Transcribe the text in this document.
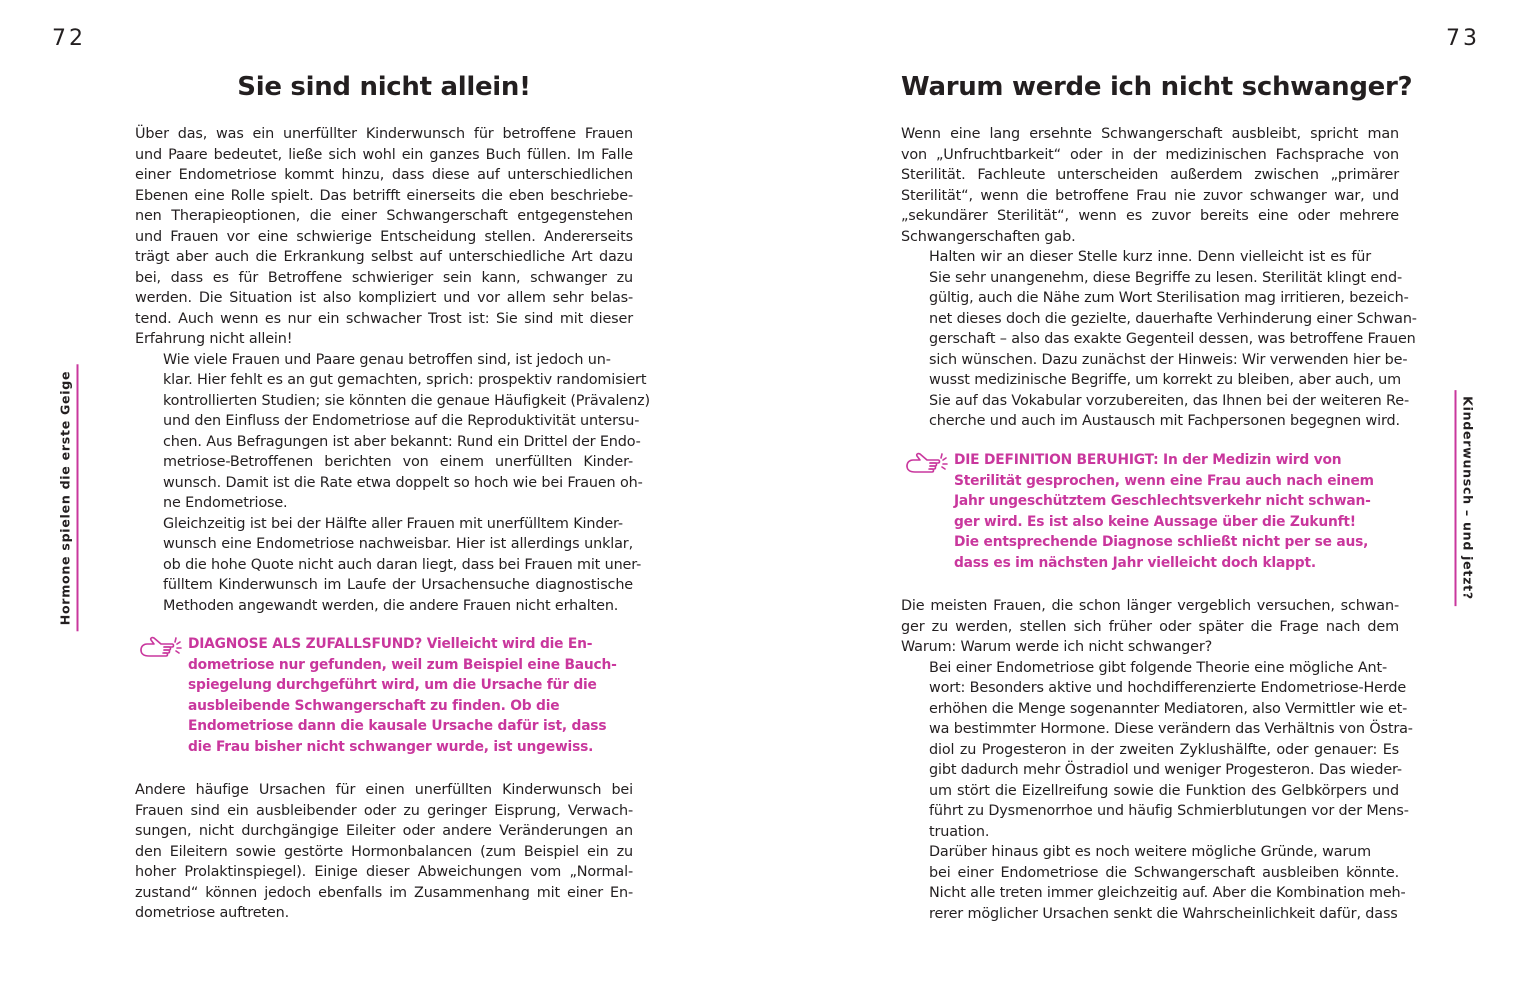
72
Sie sind nicht allein!

Über das, was ein unerfüllter Kinderwunsch für betroffene Frauen
und Paare bedeutet, ließe sich wohl ein ganzes Buch füllen. Im Falle
einer Endometriose kommt hinzu, dass diese auf unterschiedlichen
Ebenen eine Rolle spielt. Das betrifft einerseits die eben beschriebe-
nen Therapieoptionen, die einer Schwangerschaft entgegenstehen
und Frauen vor eine schwierige Entscheidung stellen. Andererseits
trägt aber auch die Erkrankung selbst auf unterschiedliche Art dazu
bei, dass es für Betroffene schwieriger sein kann, schwanger zu
werden. Die Situation ist also kompliziert und vor allem sehr belas-
tend. Auch wenn es nur ein schwacher Trost ist: Sie sind mit dieser
Erfahrung nicht allein!

Wie viele Frauen und Paare genau betroffen sind, ist jedoch un-
klar. Hier fehlt es an gut gemachten, sprich: prospektiv randomisiert
kontrollierten Studien; sie könnten die genaue Häufigkeit (Prävalenz)
und den Einfluss der Endometriose auf die Reproduktivität untersu-
chen. Aus Befragungen ist aber bekannt: Rund ein Drittel der Endo-
metriose-Betroffenen berichten von einem unerfüllten Kinder-
wunsch. Damit ist die Rate etwa doppelt so hoch wie bei Frauen oh-
ne Endometriose.

Gleichzeitig ist bei der Hälfte aller Frauen mit unerfülltem Kinder-
wunsch eine Endometriose nachweisbar. Hier ist allerdings unklar,
ob die hohe Quote nicht auch daran liegt, dass bei Frauen mit uner-
fülltem Kinderwunsch im Laufe der Ursachensuche diagnostische
Methoden angewandt werden, die andere Frauen nicht erhalten.

DIAGNOSE ALS ZUFALLSFUND? Vielleicht wird die En-
dometriose nur gefunden, weil zum Beispiel eine Bauch-
spiegelung durchgeführt wird, um die Ursache für die
ausbleibende Schwangerschaft zu finden. Ob die
Endometriose dann die kausale Ursache dafür ist, dass
die Frau bisher nicht schwanger wurde, ist ungewiss.

Andere häufige Ursachen für einen unerfüllten Kinderwunsch bei
Frauen sind ein ausbleibender oder zu geringer Eisprung, Verwach-
sungen, nicht durchgängige Eileiter oder andere Veränderungen an
den Eileitern sowie gestörte Hormonbalancen (zum Beispiel ein zu
hoher Prolaktinspiegel). Einige dieser Abweichungen vom „Normal-
zustand“ können jedoch ebenfalls im Zusammenhang mit einer En-
dometriose auftreten.

Hormone spielen die erste Geige
73
Warum werde ich nicht schwanger?

Wenn eine lang ersehnte Schwangerschaft ausbleibt, spricht man
von „Unfruchtbarkeit“ oder in der medizinischen Fachsprache von
Sterilität. Fachleute unterscheiden außerdem zwischen „primärer
Sterilität“, wenn die betroffene Frau nie zuvor schwanger war, und
„sekundärer Sterilität“, wenn es zuvor bereits eine oder mehrere
Schwangerschaften gab.

Halten wir an dieser Stelle kurz inne. Denn vielleicht ist es für
Sie sehr unangenehm, diese Begriffe zu lesen. Sterilität klingt end-
gültig, auch die Nähe zum Wort Sterilisation mag irritieren, bezeich-
net dieses doch die gezielte, dauerhafte Verhinderung einer Schwan-
gerschaft – also das exakte Gegenteil dessen, was betroffene Frauen
sich wünschen. Dazu zunächst der Hinweis: Wir verwenden hier be-
wusst medizinische Begriffe, um korrekt zu bleiben, aber auch, um
Sie auf das Vokabular vorzubereiten, das Ihnen bei der weiteren Re-
cherche und auch im Austausch mit Fachpersonen begegnen wird.

DIE DEFINITION BERUHIGT: In der Medizin wird von
Sterilität gesprochen, wenn eine Frau auch nach einem
Jahr ungeschütztem Geschlechtsverkehr nicht schwan-
ger wird. Es ist also keine Aussage über die Zukunft!
Die entsprechende Diagnose schließt nicht per se aus,
dass es im nächsten Jahr vielleicht doch klappt.

Die meisten Frauen, die schon länger vergeblich versuchen, schwan-
ger zu werden, stellen sich früher oder später die Frage nach dem
Warum: Warum werde ich nicht schwanger?

Bei einer Endometriose gibt folgende Theorie eine mögliche Ant-
wort: Besonders aktive und hochdifferenzierte Endometriose-Herde
erhöhen die Menge sogenannter Mediatoren, also Vermittler wie et-
wa bestimmter Hormone. Diese verändern das Verhältnis von Östra-
diol zu Progesteron in der zweiten Zyklushälfte, oder genauer: Es
gibt dadurch mehr Östradiol und weniger Progesteron. Das wieder-
um stört die Eizellreifung sowie die Funktion des Gelbkörpers und
führt zu Dysmenorrhoe und häufig Schmierblutungen vor der Mens-
truation.

Darüber hinaus gibt es noch weitere mögliche Gründe, warum
bei einer Endometriose die Schwangerschaft ausbleiben könnte.
Nicht alle treten immer gleichzeitig auf. Aber die Kombination meh-
rerer möglicher Ursachen senkt die Wahrscheinlichkeit dafür, dass

Kinderwunsch – und jetzt?
